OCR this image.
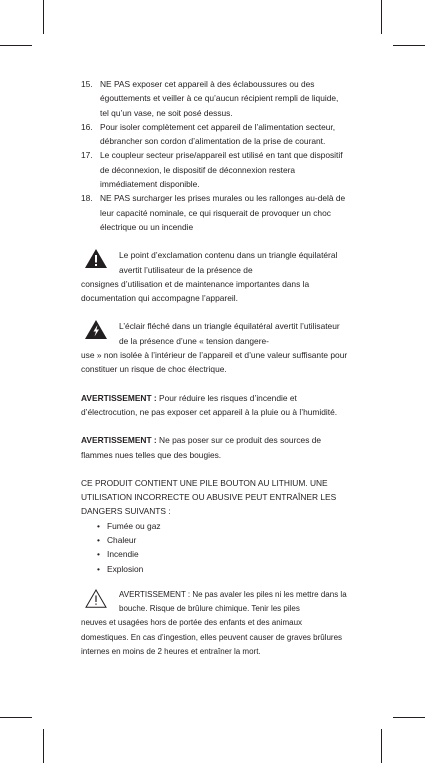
15. NE PAS exposer cet appareil à des éclaboussures ou des égouttements et veiller à ce qu’aucun récipient rempli de liquide, tel qu’un vase, ne soit posé dessus.
16. Pour isoler complètement cet appareil de l’alimentation secteur, débrancher son cordon d’alimentation de la prise de courant.
17. Le coupleur secteur prise/appareil est utilisé en tant que dispositif de déconnexion, le dispositif de déconnexion restera immédiatement disponible.
18. NE PAS surcharger les prises murales ou les rallonges au-delà de leur capacité nominale, ce qui risquerait de provoquer un choc électrique ou un incendie

Le point d’exclamation contenu dans un triangle équilatéral avertit l’utilisateur de la présence de
consignes d’utilisation et de maintenance importantes dans la documentation qui accompagne l’appareil.

L’éclair fléché dans un triangle équilatéral avertit l’utilisateur de la présence d’une « tension dangere-
use » non isolée à l’intérieur de l’appareil et d’une valeur suffisante pour constituer un risque de choc électrique.

AVERTISSEMENT : Pour réduire les risques d’incendie et d’électrocution, ne pas exposer cet appareil à la pluie ou à l’humidité.

AVERTISSEMENT : Ne pas poser sur ce produit des sources de flammes nues telles que des bougies.

CE PRODUIT CONTIENT UNE PILE BOUTON AU LITHIUM. UNE UTILISATION INCORRECTE OU ABUSIVE PEUT ENTRAÎNER LES DANGERS SUIVANTS :

• Fumée ou gaz
• Chaleur
• Incendie
• Explosion

AVERTISSEMENT : Ne pas avaler les piles ni les mettre dans la bouche. Risque de brûlure chimique. Tenir les piles
neuves et usagées hors de portée des enfants et des animaux domestiques. En cas d’ingestion, elles peuvent causer de graves brûlures internes en moins de 2 heures et entraîner la mort.
